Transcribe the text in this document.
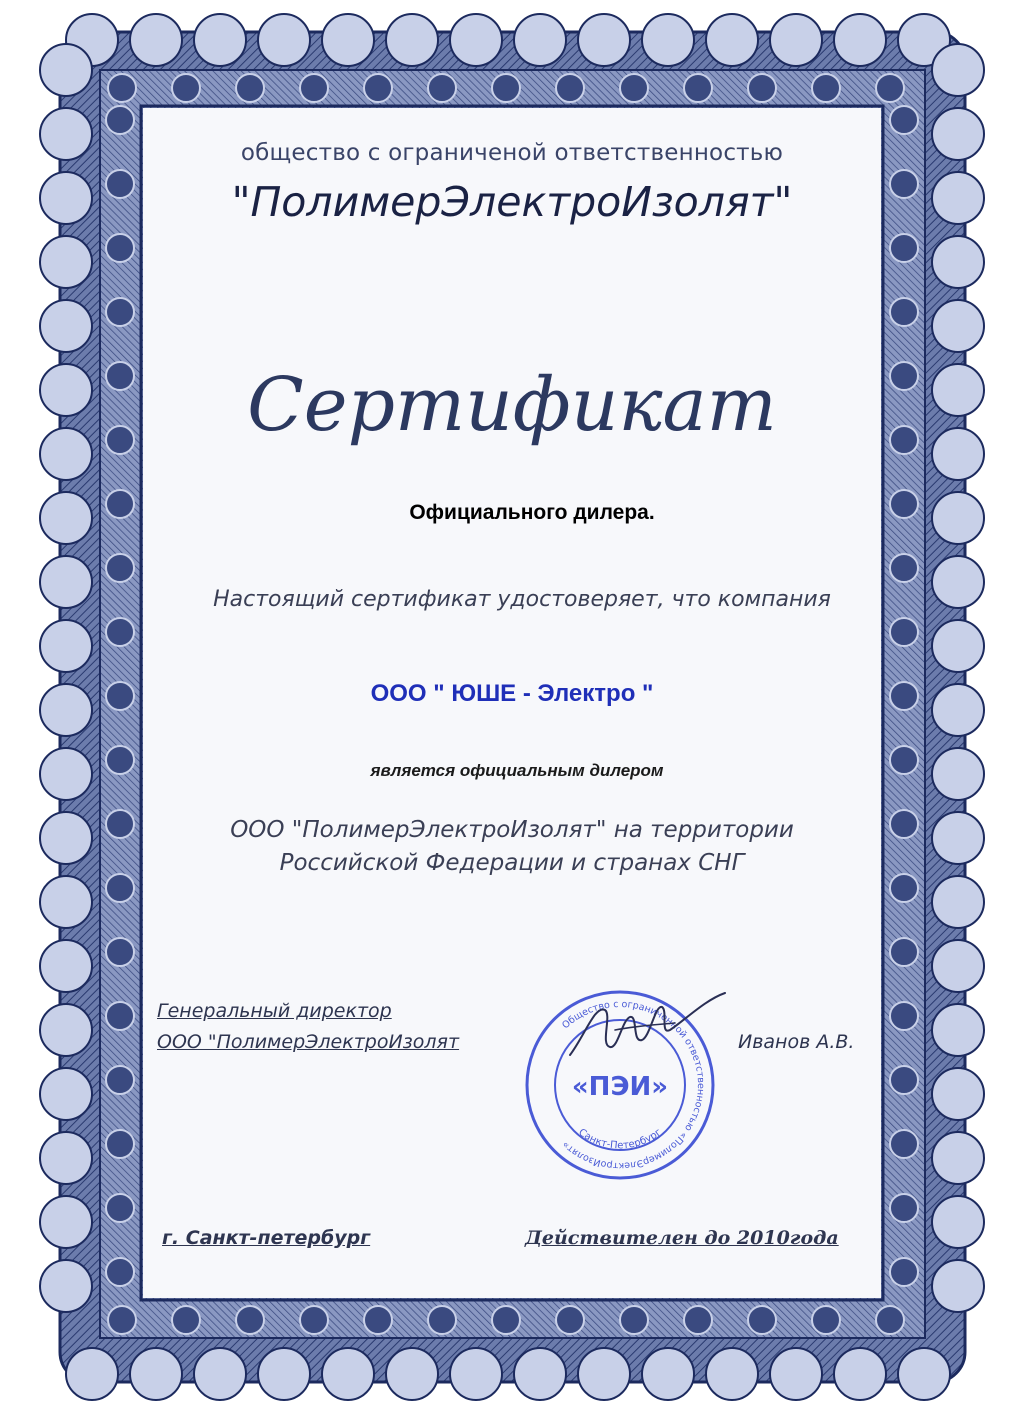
общество с ограниченой ответственностью

"ПолимерЭлектроИзолят"

Сертификат

Официального дилера.

Настоящий сертификат удостоверяет, что компания

ООО " ЮШЕ - Электро "

является официальным дилером

ООО "ПолимерЭлектроИзолят" на территории
Российской Федерации и странах СНГ

Генеральный директор

ООО "ПолимерЭлектроИзолят	Иванов А.В.

Общество с ограниченной ответственностью «ПолимерЭлектроИзолят»
«ПЭИ»
Санкт-Петербург

г. Санкт-петербург	Действителен до 2010года
